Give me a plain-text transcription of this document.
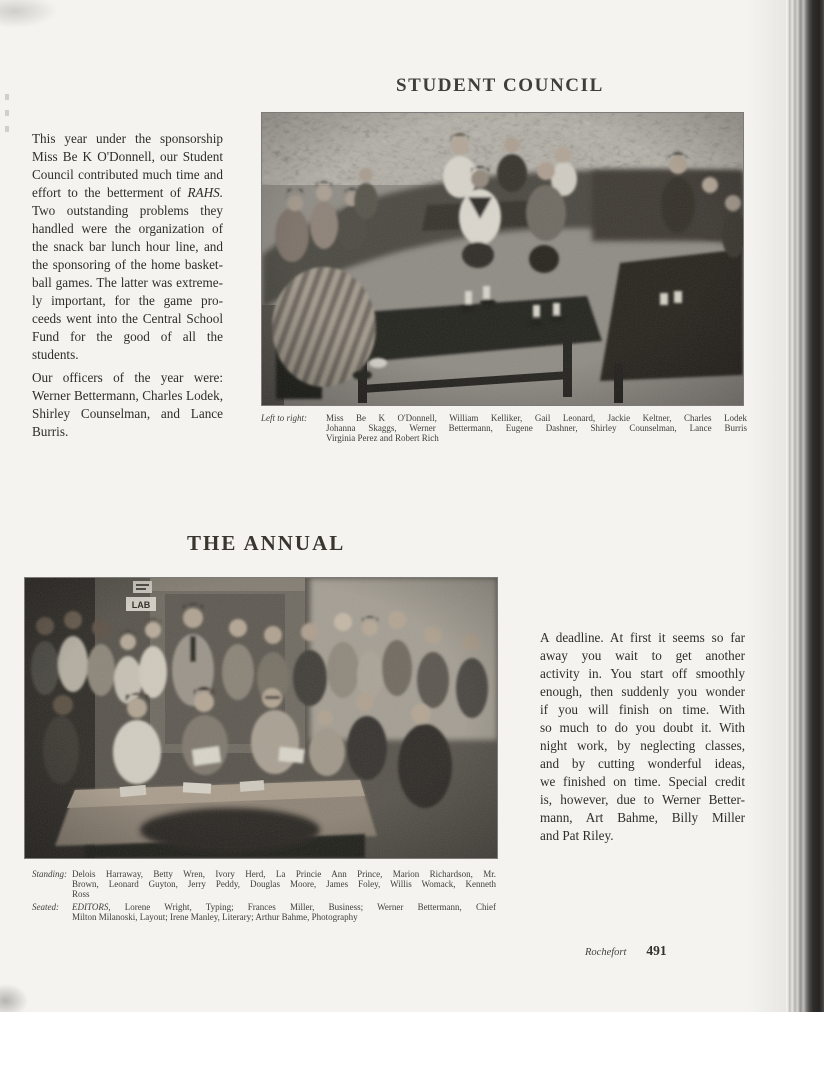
STUDENT COUNCIL
This year under the sponsorship
Miss Be K O'Donnell, our Student
Council contributed much time and
effort to the betterment of RAHS.
Two outstanding problems they
handled were the organization of
the snack bar lunch hour line, and
the sponsoring of the home basket-
ball games. The latter was extreme-
ly important, for the game pro-
ceeds went into the Central School
Fund for the good of all the
students.
Our officers of the year were:
Werner Bettermann, Charles Lodek,
Shirley Counselman, and Lance
Burris.
Left to right: Miss Be K O'Donnell, William Kelliker, Gail Leonard, Jackie Keltner, Charles Lodek
Johanna Skaggs, Werner Bettermann, Eugene Dashner, Shirley Counselman, Lance Burris
Virginia Perez and Robert Rich
THE ANNUAL
A deadline. At first it seems so far
away you wait to get another
activity in. You start off smoothly
enough, then suddenly you wonder
if you will finish on time. With
so much to do you doubt it. With
night work, by neglecting classes,
and by cutting wonderful ideas,
we finished on time. Special credit
is, however, due to Werner Better-
mann, Art Bahme, Billy Miller
and Pat Riley.
Standing: Delois Harraway, Betty Wren, Ivory Herd, La Princie Ann Prince, Marion Richardson, Mr.
Brown, Leonard Guyton, Jerry Peddy, Douglas Moore, James Foley, Willis Womack, Kenneth
Ross
Seated: EDITORS, Lorene Wright, Typing; Frances Miller, Business; Werner Bettermann, Chief
Milton Milanoski, Layout; Irene Manley, Literary; Arthur Bahme, Photography
Rochefort 491
